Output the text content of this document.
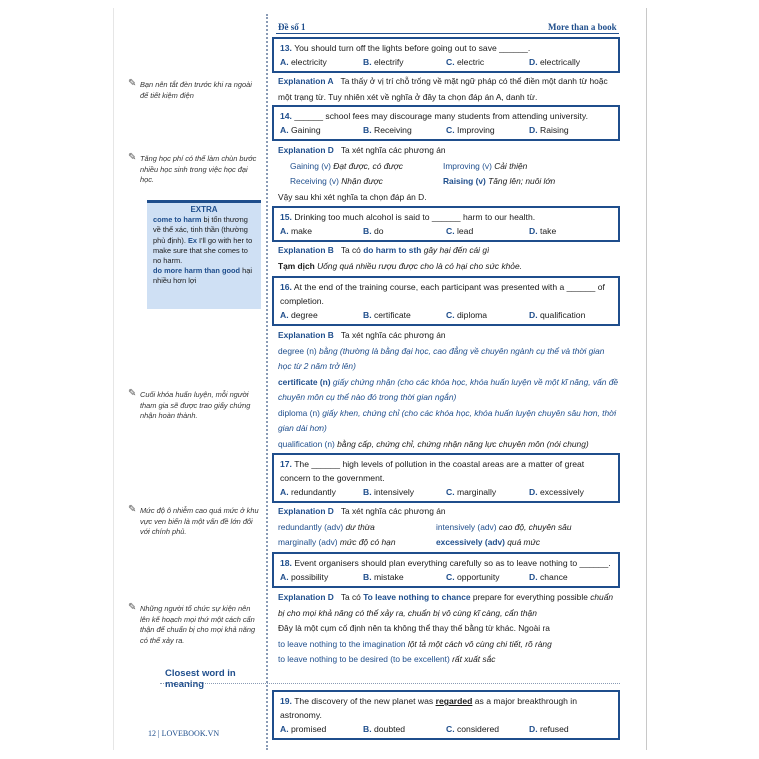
Đề số 1	More than a book
✎ Bạn nên tắt đèn trước khi ra ngoài để tiết kiệm điện
✎ Tăng học phí có thể làm chùn bước nhiều học sinh trong việc học đại học.
EXTRA
come to harm bị tổn thương về thể xác, tinh thần (thường phủ định). Ex I'll go with her to make sure that she comes to no harm.
do more harm than good hại nhiều hơn lợi
✎ Cuối khóa huấn luyện, mỗi người tham gia sẽ được trao giấy chứng nhận hoàn thành.
✎ Mức độ ô nhiễm cao quá mức ở khu vực ven biển là một vấn đề lớn đối với chính phủ.
✎ Những người tổ chức sự kiện nên lên kế hoạch mọi thứ một cách cẩn thận để chuẩn bị cho mọi khả năng có thể xảy ra.
13. You should turn off the lights before going out to save ______.
A. electricity	B. electrify	C. electric	D. electrically
Explanation A Ta thấy ở vị trí chỗ trống về mặt ngữ pháp có thể điền một danh từ hoặc một trạng từ. Tuy nhiên xét về nghĩa ở đây ta chọn đáp án A, danh từ.
14. ______ school fees may discourage many students from attending university.
A. Gaining	B. Receiving	C. Improving	D. Raising
Explanation D Ta xét nghĩa các phương án
Gaining (v) Đạt được, có được	Improving (v) Cải thiện
Receiving (v) Nhận được	Raising (v) Tăng lên; nuôi lớn
Vậy sau khi xét nghĩa ta chọn đáp án D.
15. Drinking too much alcohol is said to ______ harm to our health.
A. make	B. do	C. lead	D. take
Explanation B Ta có do harm to sth gây hại đến cái gì
Tạm dịch Uống quá nhiều rượu được cho là có hại cho sức khỏe.
16. At the end of the training course, each participant was presented with a ______ of completion.
A. degree	B. certificate	C. diploma	D. qualification
Explanation B Ta xét nghĩa các phương án
degree (n) bằng (thường là bằng đại học, cao đẳng về chuyên ngành cụ thể và thời gian học từ 2 năm trở lên)
certificate (n) giấy chứng nhận (cho các khóa học, khóa huấn luyện về một kĩ năng, vấn đề chuyên môn cụ thể nào đó trong thời gian ngắn)
diploma (n) giấy khen, chứng chỉ (cho các khóa học, khóa huấn luyện chuyên sâu hơn, thời gian dài hơn)
qualification (n) bằng cấp, chứng chỉ, chứng nhận năng lực chuyên môn (nói chung)
17. The ______ high levels of pollution in the coastal areas are a matter of great concern to the government.
A. redundantly	B. intensively	C. marginally	D. excessively
Explanation D Ta xét nghĩa các phương án
redundantly (adv) dư thừa	intensively (adv) cao độ, chuyên sâu
marginally (adv) mức độ có hạn	excessively (adv) quá mức
18. Event organisers should plan everything carefully so as to leave nothing to ______.
A. possibility	B. mistake	C. opportunity	D. chance
Explanation D Ta có To leave nothing to chance prepare for everything possible chuẩn bị cho mọi khả năng có thể xảy ra, chuẩn bị vô cùng kĩ càng, cẩn thận
Đây là một cụm cố định nên ta không thể thay thế bằng từ khác. Ngoài ra
to leave nothing to the imagination lột tả một cách vô cùng chi tiết, rõ ràng
to leave nothing to be desired (to be excellent) rất xuất sắc
Closest word in meaning
19. The discovery of the new planet was regarded as a major breakthrough in astronomy.
A. promised	B. doubted	C. considered	D. refused
12 | LOVEBOOK.VN
